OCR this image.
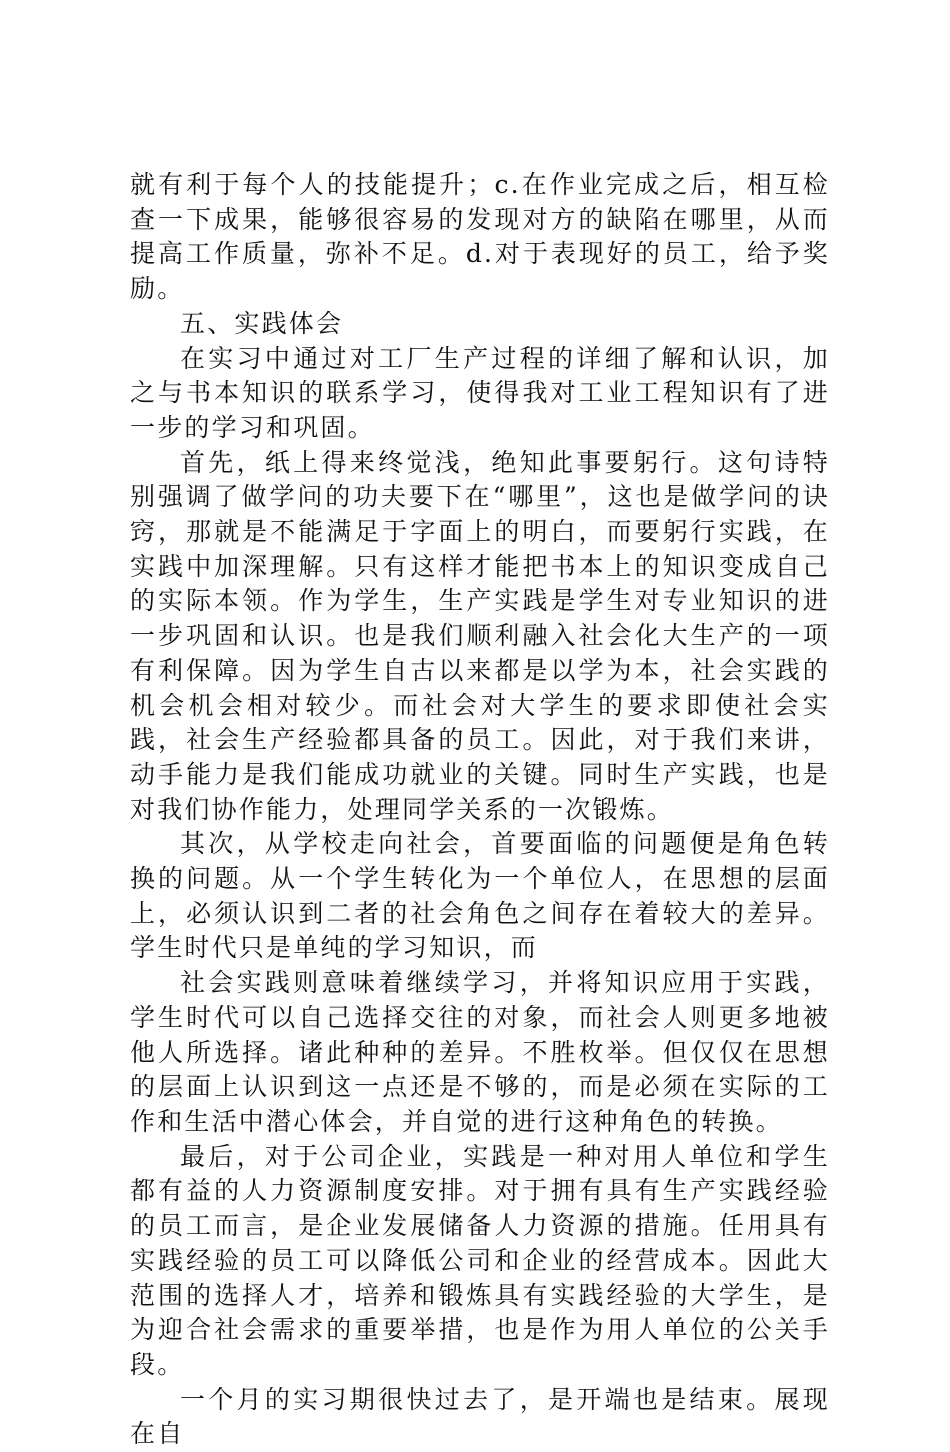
就有利于每个人的技能提升；c.在作业完成之后，相互检查一下成果，能够很容易的发现对方的缺陷在哪里，从而提高工作质量，弥补不足。d.对于表现好的员工，给予奖励。

五、实践体会

在实习中通过对工厂生产过程的详细了解和认识，加之与书本知识的联系学习，使得我对工业工程知识有了进一步的学习和巩固。

首先，纸上得来终觉浅，绝知此事要躬行。这句诗特别强调了做学问的功夫要下在“哪里”，这也是做学问的诀窍，那就是不能满足于字面上的明白，而要躬行实践，在实践中加深理解。只有这样才能把书本上的知识变成自己的实际本领。作为学生，生产实践是学生对专业知识的进一步巩固和认识。也是我们顺利融入社会化大生产的一项有利保障。因为学生自古以来都是以学为本，社会实践的机会机会相对较少。而社会对大学生的要求即使社会实践，社会生产经验都具备的员工。因此，对于我们来讲，动手能力是我们能成功就业的关键。同时生产实践，也是对我们协作能力，处理同学关系的一次锻炼。

其次，从学校走向社会，首要面临的问题便是角色转换的问题。从一个学生转化为一个单位人，在思想的层面上，必须认识到二者的社会角色之间存在着较大的差异。学生时代只是单纯的学习知识，而

社会实践则意味着继续学习，并将知识应用于实践，学生时代可以自己选择交往的对象，而社会人则更多地被他人所选择。诸此种种的差异。不胜枚举。但仅仅在思想的层面上认识到这一点还是不够的，而是必须在实际的工作和生活中潜心体会，并自觉的进行这种角色的转换。

最后，对于公司企业，实践是一种对用人单位和学生都有益的人力资源制度安排。对于拥有具有生产实践经验的员工而言，是企业发展储备人力资源的措施。任用具有实践经验的员工可以降低公司和企业的经营成本。因此大范围的选择人才，培养和锻炼具有实践经验的大学生，是为迎合社会需求的重要举措，也是作为用人单位的公关手段。

一个月的实习期很快过去了，是开端也是结束。展现在自
